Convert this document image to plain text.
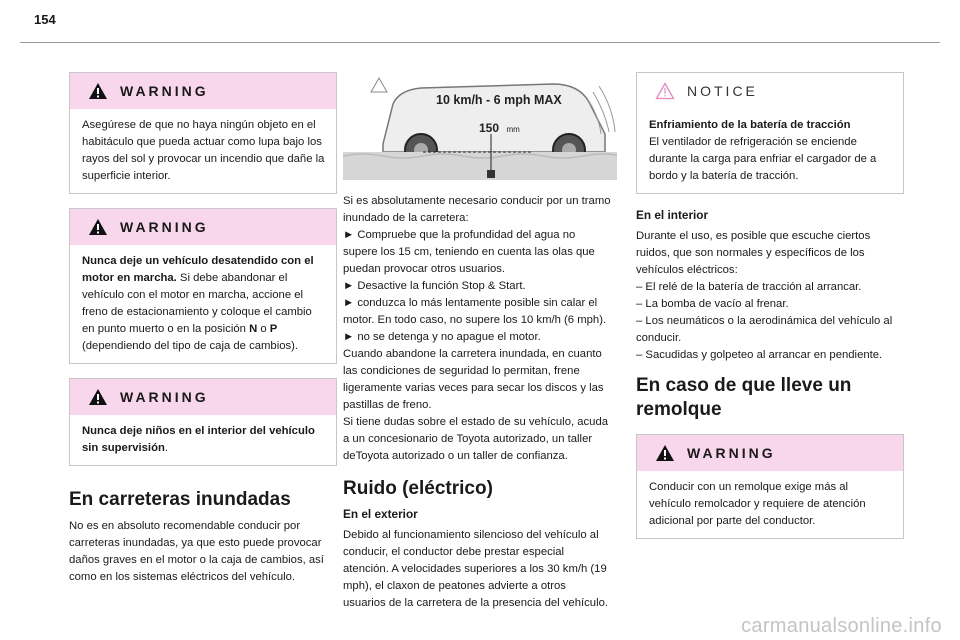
154
WARNING
Asegúrese de que no haya ningún objeto en el habitáculo que pueda actuar como lupa bajo los rayos del sol y provocar un incendio que dañe la superficie interior.
WARNING
Nunca deje un vehículo desatendido con el motor en marcha. Si debe abandonar el vehículo con el motor en marcha, accione el freno de estacionamiento y coloque el cambio en punto muerto o en la posición N o P (dependiendo del tipo de caja de cambios).
WARNING
Nunca deje niños en el interior del vehículo sin supervisión.
En carreteras inundadas

No es en absoluto recomendable conducir por carreteras inundadas, ya que esto puede provocar daños graves en el motor o la caja de cambios, así como en los sistemas eléctricos del vehículo.

10 km/h - 6 mph MAX
150 mm

Si es absolutamente necesario conducir por un tramo inundado de la carretera:

► Compruebe que la profundidad del agua no supere los 15 cm, teniendo en cuenta las olas que puedan provocar otros usuarios.

► Desactive la función Stop & Start.

► conduzca lo más lentamente posible sin calar el motor. En todo caso, no supere los 10 km/h (6 mph).

► no se detenga y no apague el motor.

Cuando abandone la carretera inundada, en cuanto las condiciones de seguridad lo permitan, frene ligeramente varias veces para secar los discos y las pastillas de freno.

Si tiene dudas sobre el estado de su vehículo, acuda a un concesionario de Toyota autorizado, un taller deToyota autorizado o un taller de confianza.

Ruido (eléctrico)
En el exterior

Debido al funcionamiento silencioso del vehículo al conducir, el conductor debe prestar especial atención. A velocidades superiores a los 30 km/h (19 mph), el claxon de peatones advierte a otros usuarios de la carretera de la presencia del vehículo.

NOTICE
Enfriamiento de la batería de tracción
El ventilador de refrigeración se enciende durante la carga para enfriar el cargador de a bordo y la batería de tracción.
En el interior

Durante el uso, es posible que escuche ciertos ruidos, que son normales y específicos de los vehículos eléctricos:

– El relé de la batería de tracción al arrancar.

– La bomba de vacío al frenar.

– Los neumáticos o la aerodinámica del vehículo al conducir.

– Sacudidas y golpeteo al arrancar en pendiente.

En caso de que lleve un remolque
WARNING
Conducir con un remolque exige más al vehículo remolcador y requiere de atención adicional por parte del conductor.
carmanualsonline.info
